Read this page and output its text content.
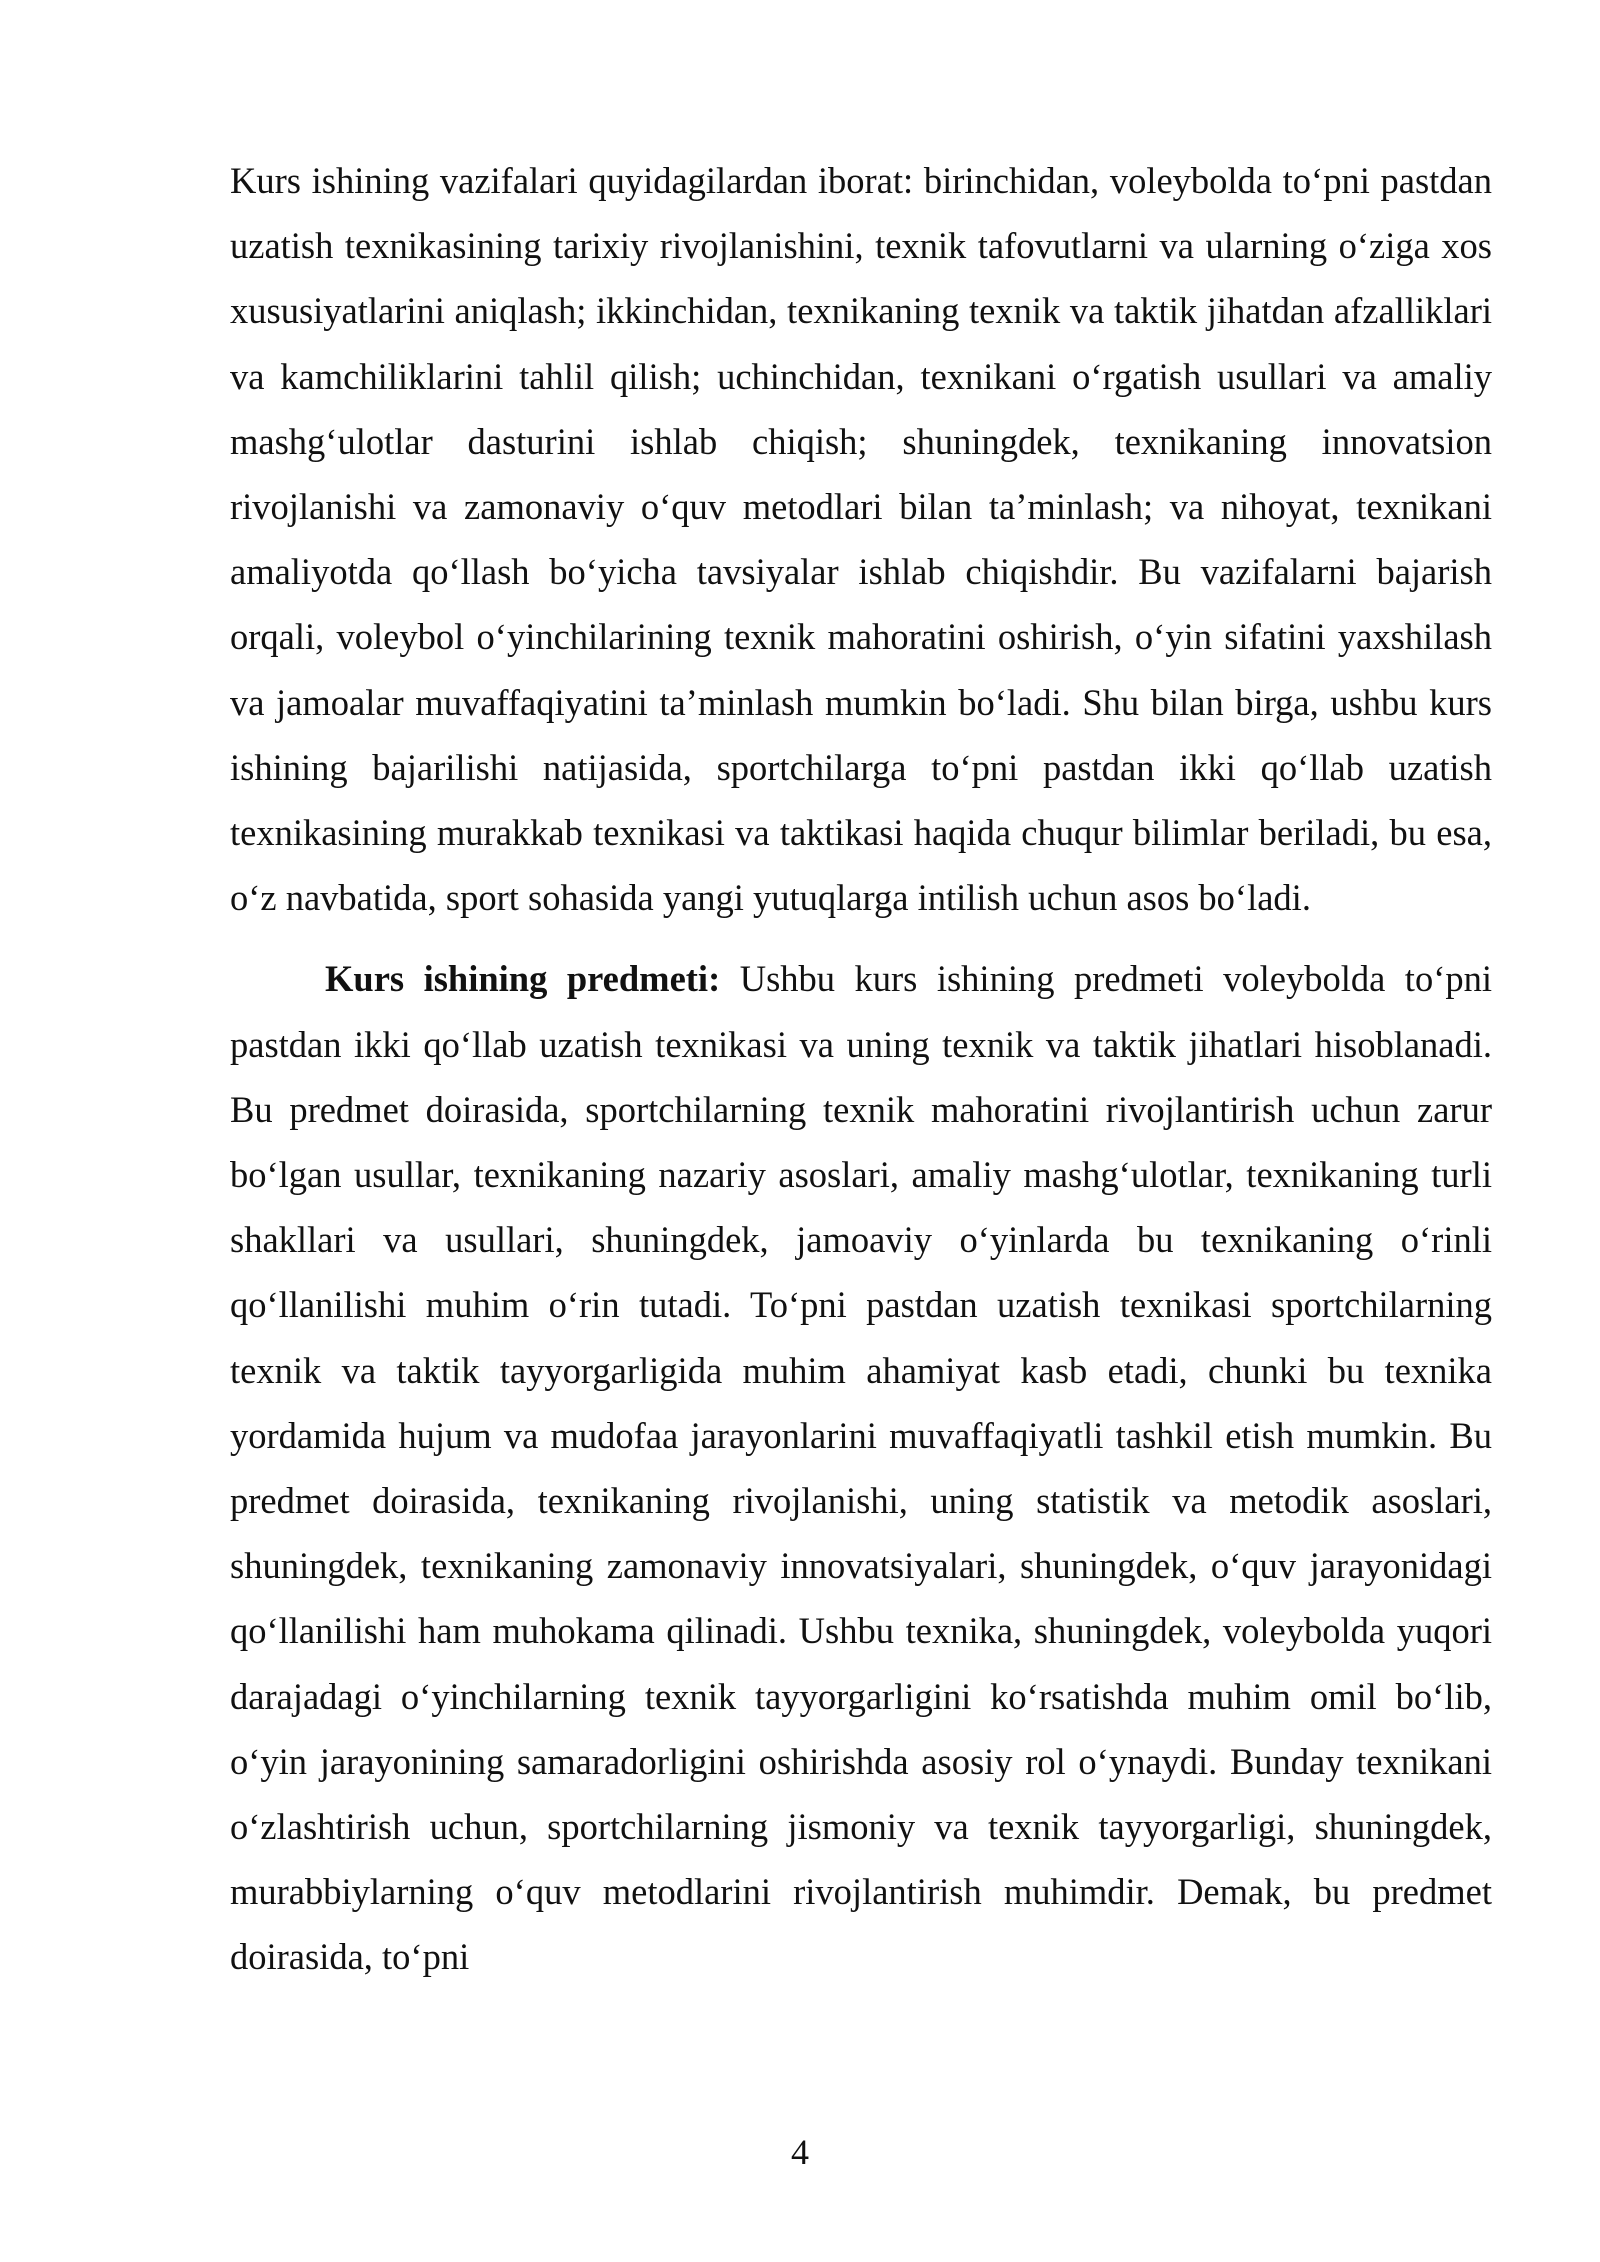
Kurs ishining vazifalari quyidagilardan iborat: birinchidan, voleybolda to‘pni pastdan uzatish texnikasining tarixiy rivojlanishini, texnik tafovutlarni va ularning o‘ziga xos xususiyatlarini aniqlash; ikkinchidan, texnikaning texnik va taktik jihatdan afzalliklari va kamchiliklarini tahlil qilish; uchinchidan, texnikani o‘rgatish usullari va amaliy mashg‘ulotlar dasturini ishlab chiqish; shuningdek, texnikaning innovatsion rivojlanishi va zamonaviy o‘quv metodlari bilan ta’minlash; va nihoyat, texnikani amaliyotda qo‘llash bo‘yicha tavsiyalar ishlab chiqishdir. Bu vazifalarni bajarish orqali, voleybol o‘yinchilarining texnik mahoratini oshirish, o‘yin sifatini yaxshilash va jamoalar muvaffaqiyatini ta’minlash mumkin bo‘ladi. Shu bilan birga, ushbu kurs ishining bajarilishi natijasida, sportchilarga to‘pni pastdan ikki qo‘llab uzatish texnikasining murakkab texnikasi va taktikasi haqida chuqur bilimlar beriladi, bu esa, o‘z navbatida, sport sohasida yangi yutuqlarga intilish uchun asos bo‘ladi.

Kurs ishining predmeti: Ushbu kurs ishining predmeti voleybolda to‘pni pastdan ikki qo‘llab uzatish texnikasi va uning texnik va taktik jihatlari hisoblanadi. Bu predmet doirasida, sportchilarning texnik mahoratini rivojlantirish uchun zarur bo‘lgan usullar, texnikaning nazariy asoslari, amaliy mashg‘ulotlar, texnikaning turli shakllari va usullari, shuningdek, jamoaviy o‘yinlarda bu texnikaning o‘rinli qo‘llanilishi muhim o‘rin tutadi. To‘pni pastdan uzatish texnikasi sportchilarning texnik va taktik tayyorgarligida muhim ahamiyat kasb etadi, chunki bu texnika yordamida hujum va mudofaa jarayonlarini muvaffaqiyatli tashkil etish mumkin. Bu predmet doirasida, texnikaning rivojlanishi, uning statistik va metodik asoslari, shuningdek, texnikaning zamonaviy innovatsiyalari, shuningdek, o‘quv jarayonidagi qo‘llanilishi ham muhokama qilinadi. Ushbu texnika, shuningdek, voleybolda yuqori darajadagi o‘yinchilarning texnik tayyorgarligini ko‘rsatishda muhim omil bo‘lib, o‘yin jarayonining samaradorligini oshirishda asosiy rol o‘ynaydi. Bunday texnikani o‘zlashtirish uchun, sportchilarning jismoniy va texnik tayyorgarligi, shuningdek, murabbiylarning o‘quv metodlarini rivojlantirish muhimdir. Demak, bu predmet doirasida, to‘pni

4
